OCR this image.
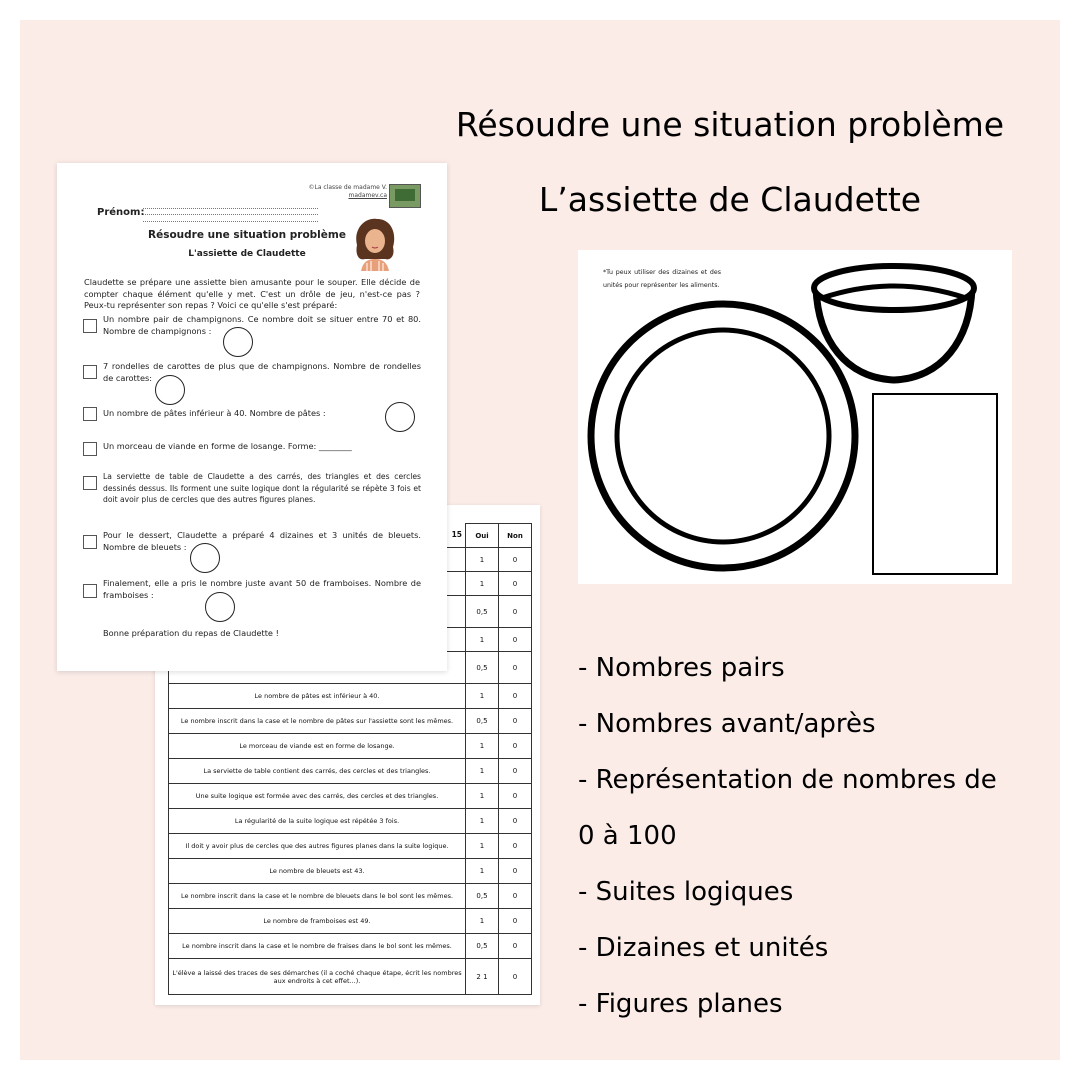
Résoudre une situation problème
L’assiette de Claudette
15	Oui	Non
	1	0
	1	0
	0,5	0
	1	0
	0,5	0
Le nombre de pâtes est inférieur à 40.	1	0
Le nombre inscrit dans la case et le nombre de pâtes sur l'assiette sont les mêmes.	0,5	0
Le morceau de viande est en forme de losange.	1	0
La serviette de table contient des carrés, des cercles et des triangles.	1	0
Une suite logique est formée avec des carrés, des cercles et des triangles.	1	0
La régularité de la suite logique est répétée 3 fois.	1	0
Il doit y avoir plus de cercles que des autres figures planes dans la suite logique.	1	0
Le nombre de bleuets est 43.	1	0
Le nombre inscrit dans la case et le nombre de bleuets dans le bol sont les mêmes.	0,5	0
Le nombre de framboises est 49.	1	0
Le nombre inscrit dans la case et le nombre de fraises dans le bol sont les mêmes.	0,5	0
L'élève a laissé des traces de ses démarches (il a coché chaque étape, écrit les nombres aux endroits à cet effet...).	2 1	0
©La classe de madame V.
madamev.ca
Prénom:
Résoudre une situation problème
L'assiette de Claudette
Claudette se prépare une assiette bien amusante pour le souper. Elle décide de compter chaque élément qu'elle y met. C'est un drôle de jeu, n'est-ce pas ? Peux-tu représenter son repas ? Voici ce qu'elle s'est préparé:
Un nombre pair de champignons. Ce nombre doit se situer entre 70 et 80. Nombre de champignons :
7 rondelles de carottes de plus que de champignons. Nombre de rondelles de carottes:
Un nombre de pâtes inférieur à 40. Nombre de pâtes :
Un morceau de viande en forme de losange. Forme: ________
La serviette de table de Claudette a des carrés, des triangles et des cercles dessinés dessus. Ils forment une suite logique dont la régularité se répète 3 fois et doit avoir plus de cercles que des autres figures planes.
Pour le dessert, Claudette a préparé 4 dizaines et 3 unités de bleuets. Nombre de bleuets :
Finalement, elle a pris le nombre juste avant 50 de framboises. Nombre de framboises :
Bonne préparation du repas de Claudette !
*Tu peux utiliser des dizaines et des unités pour représenter les aliments.
- Nombres pairs
- Nombres avant/après
- Représentation de nombres de
0 à 100
- Suites logiques
- Dizaines et unités
- Figures planes
